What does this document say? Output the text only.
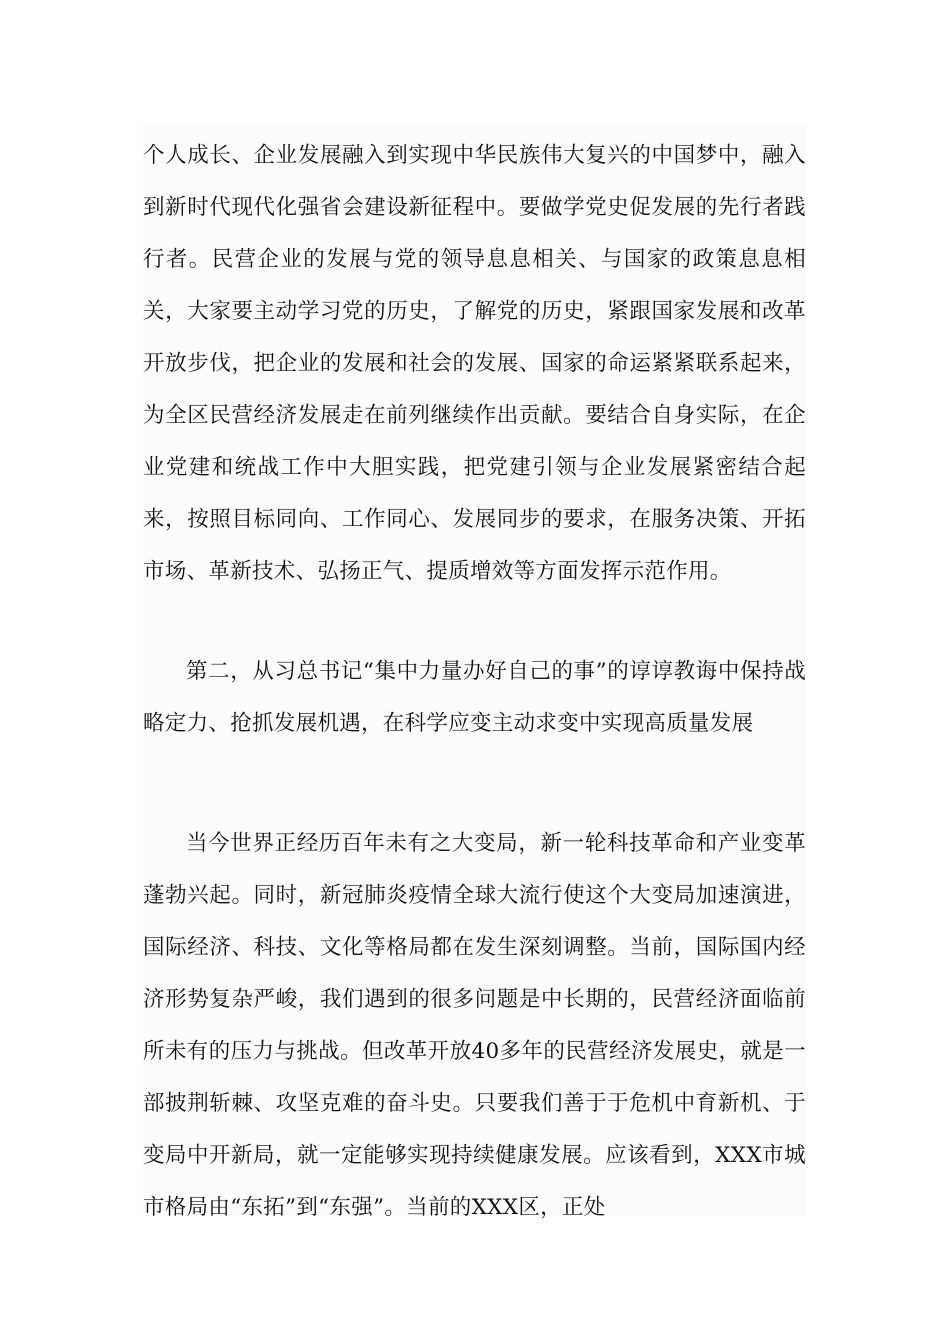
个人成长、企业发展融入到实现中华民族伟大复兴的中国梦中，融入到新时代现代化强省会建设新征程中。要做学党史促发展的先行者践行者。民营企业的发展与党的领导息息相关、与国家的政策息息相关，大家要主动学习党的历史，了解党的历史，紧跟国家发展和改革开放步伐，把企业的发展和社会的发展、国家的命运紧紧联系起来，为全区民营经济发展走在前列继续作出贡献。要结合自身实际，在企业党建和统战工作中大胆实践，把党建引领与企业发展紧密结合起来，按照目标同向、工作同心、发展同步的要求，在服务决策、开拓市场、革新技术、弘扬正气、提质增效等方面发挥示范作用。

第二，从习总书记“集中力量办好自己的事”的谆谆教诲中保持战略定力、抢抓发展机遇，在科学应变主动求变中实现高质量发展

当今世界正经历百年未有之大变局，新一轮科技革命和产业变革蓬勃兴起。同时，新冠肺炎疫情全球大流行使这个大变局加速演进，国际经济、科技、文化等格局都在发生深刻调整。当前，国际国内经济形势复杂严峻，我们遇到的很多问题是中长期的，民营经济面临前所未有的压力与挑战。但改革开放40多年的民营经济发展史，就是一部披荆斩棘、攻坚克难的奋斗史。只要我们善于于危机中育新机、于变局中开新局，就一定能够实现持续健康发展。应该看到，XXX市城市格局由“东拓”到“东强”。当前的XXX区，正处
